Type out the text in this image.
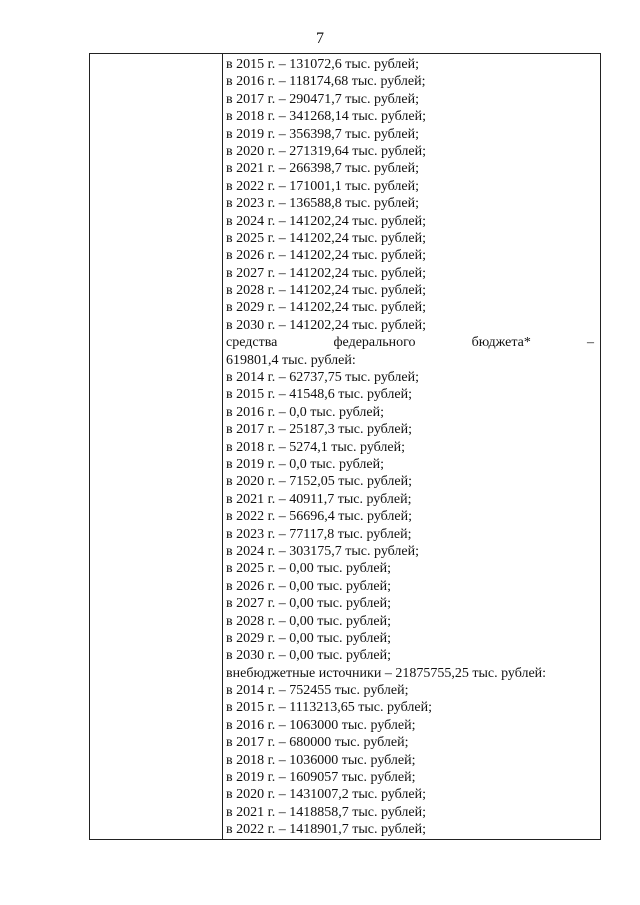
7
в 2015 г. – 131072,6 тыс. рублей;
в 2016 г. – 118174,68 тыс. рублей;
в 2017 г. – 290471,7 тыс. рублей;
в 2018 г. – 341268,14 тыс. рублей;
в 2019 г. – 356398,7 тыс. рублей;
в 2020 г. – 271319,64 тыс. рублей;
в 2021 г. – 266398,7 тыс. рублей;
в 2022 г. – 171001,1 тыс. рублей;
в 2023 г. – 136588,8 тыс. рублей;
в 2024 г. – 141202,24 тыс. рублей;
в 2025 г. – 141202,24 тыс. рублей;
в 2026 г. – 141202,24 тыс. рублей;
в 2027 г. – 141202,24 тыс. рублей;
в 2028 г. – 141202,24 тыс. рублей;
в 2029 г. – 141202,24 тыс. рублей;
в 2030 г. – 141202,24 тыс. рублей;
средства	федерального	бюджета*	–
619801,4 тыс. рублей:
в 2014 г. – 62737,75 тыс. рублей;
в 2015 г. – 41548,6 тыс. рублей;
в 2016 г. – 0,0 тыс. рублей;
в 2017 г. – 25187,3 тыс. рублей;
в 2018 г. – 5274,1 тыс. рублей;
в 2019 г. – 0,0 тыс. рублей;
в 2020 г. – 7152,05 тыс. рублей;
в 2021 г. – 40911,7 тыс. рублей;
в 2022 г. – 56696,4 тыс. рублей;
в 2023 г. – 77117,8 тыс. рублей;
в 2024 г. – 303175,7 тыс. рублей;
в 2025 г. – 0,00 тыс. рублей;
в 2026 г. – 0,00 тыс. рублей;
в 2027 г. – 0,00 тыс. рублей;
в 2028 г. – 0,00 тыс. рублей;
в 2029 г. – 0,00 тыс. рублей;
в 2030 г. – 0,00 тыс. рублей;
внебюджетные источники – 21875755,25 тыс. рублей:
в 2014 г. – 752455 тыс. рублей;
в 2015 г. – 1113213,65 тыс. рублей;
в 2016 г. – 1063000 тыс. рублей;
в 2017 г. – 680000 тыс. рублей;
в 2018 г. – 1036000 тыс. рублей;
в 2019 г. – 1609057 тыс. рублей;
в 2020 г. – 1431007,2 тыс. рублей;
в 2021 г. – 1418858,7 тыс. рублей;
в 2022 г. – 1418901,7 тыс. рублей;
